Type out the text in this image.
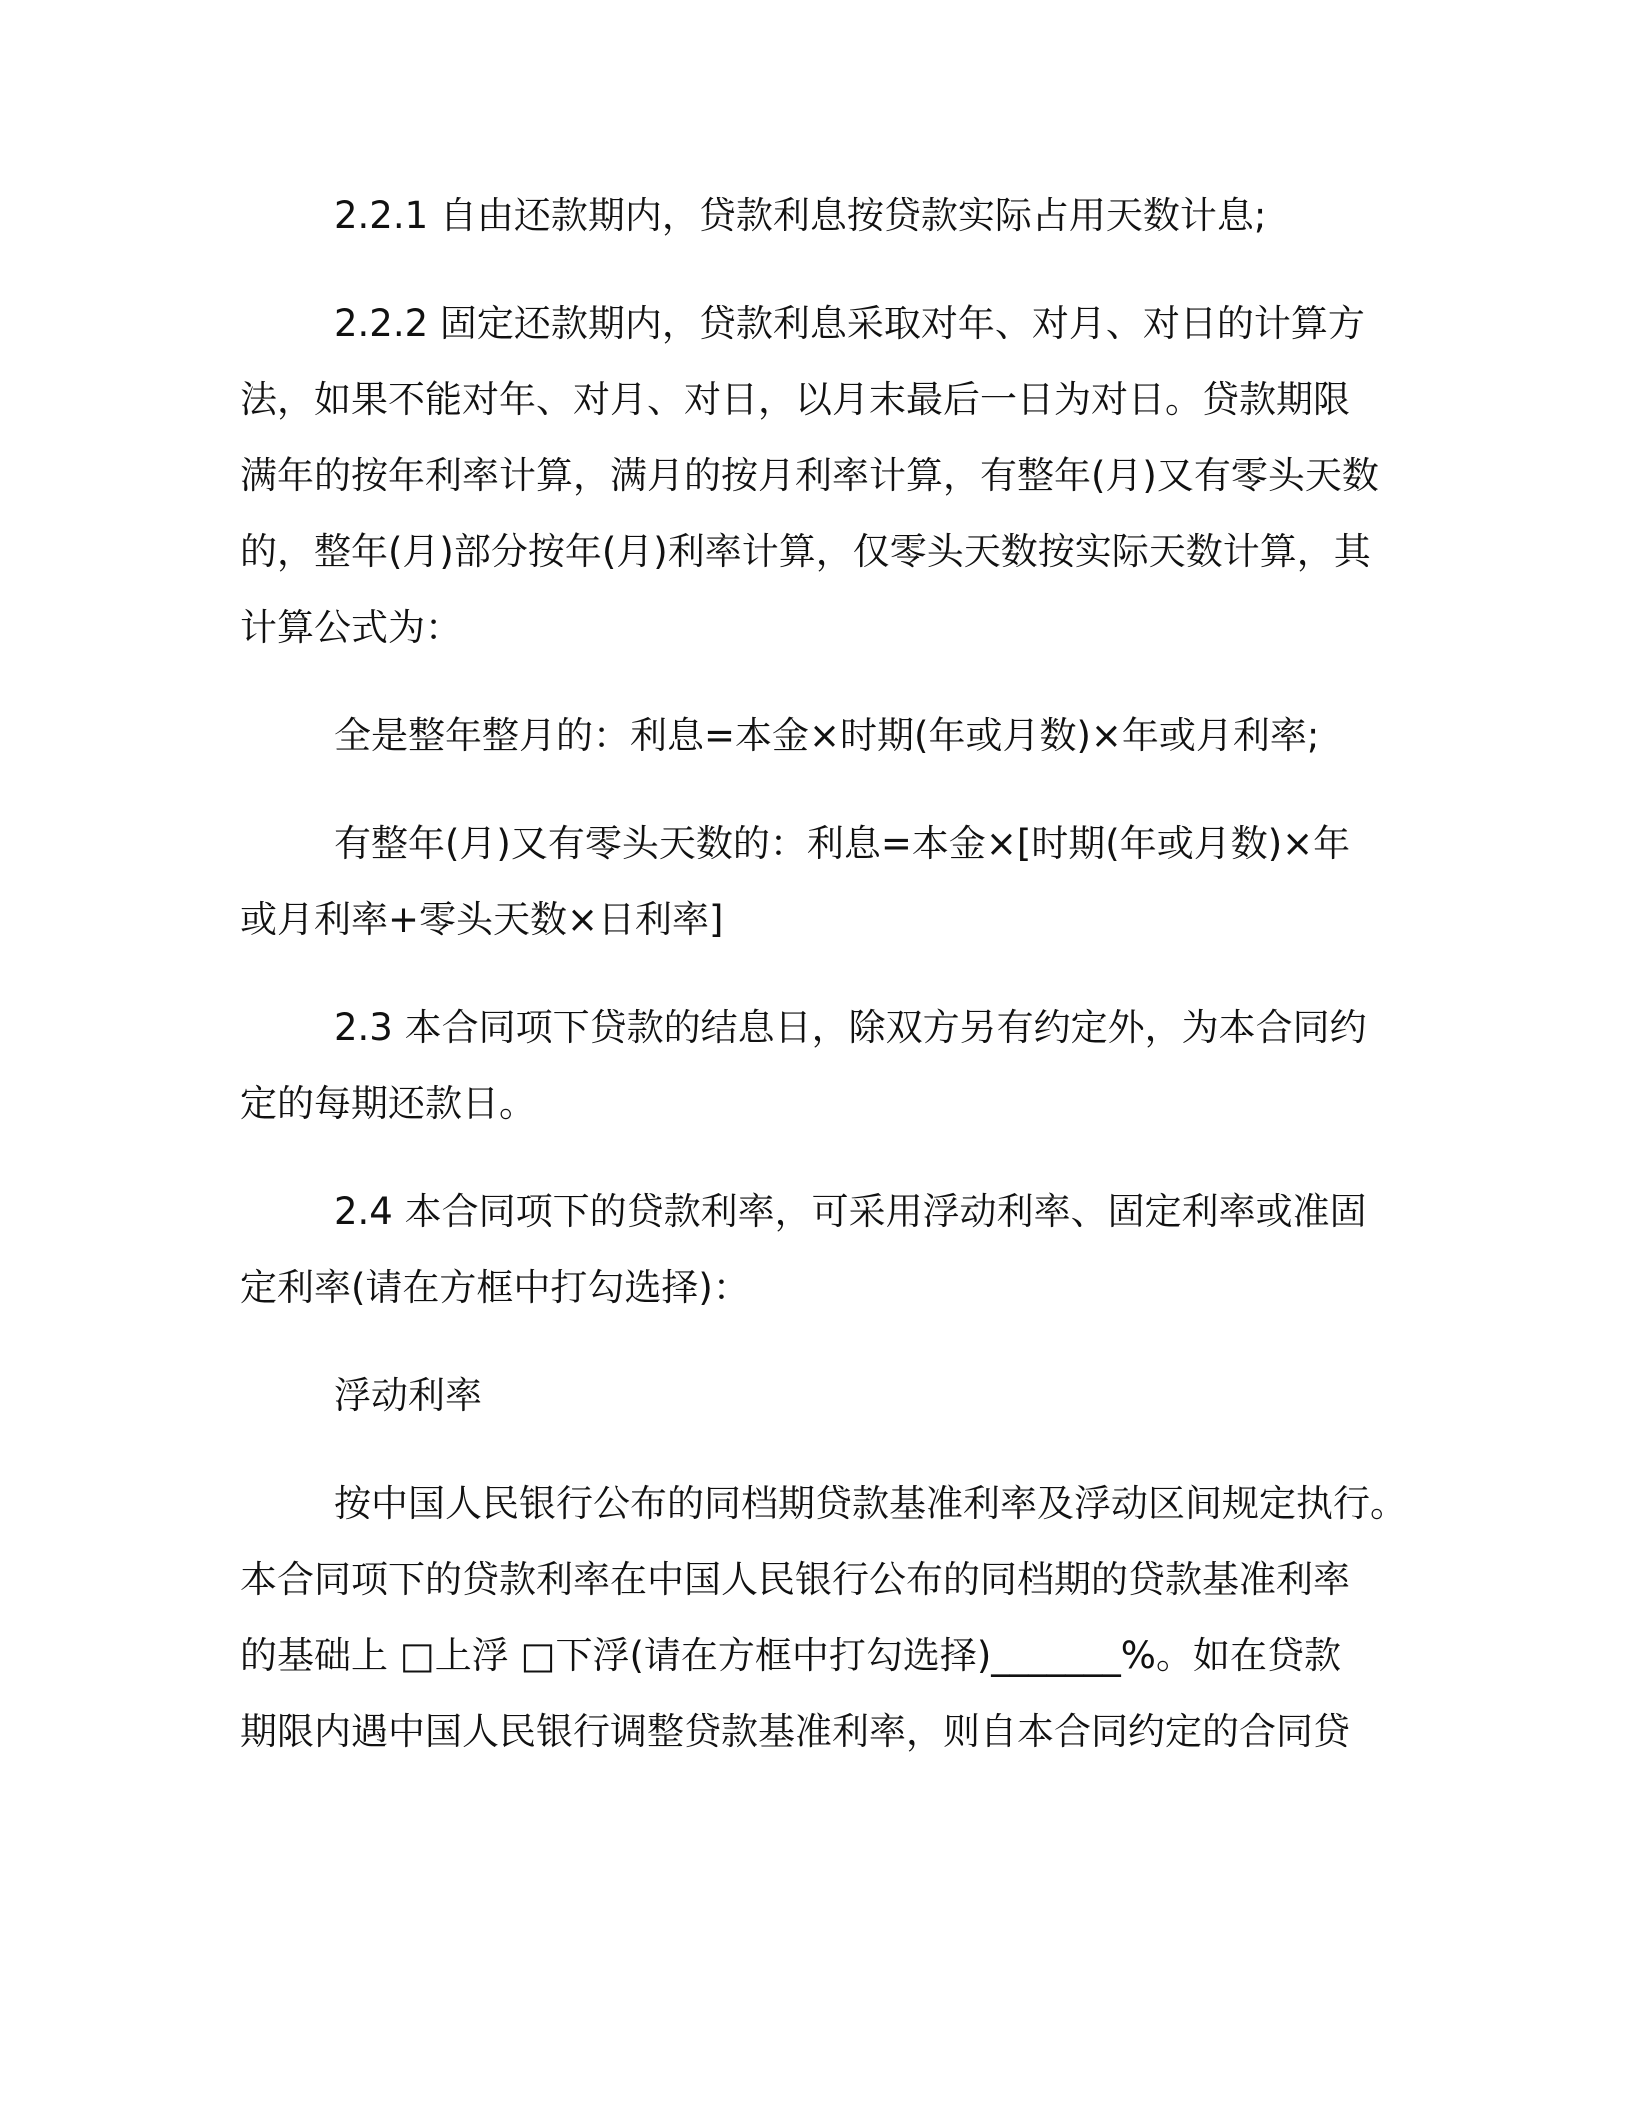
2.2.1 自由还款期内，贷款利息按贷款实际占用天数计息;
2.2.2 固定还款期内，贷款利息采取对年、对月、对日的计算方
法，如果不能对年、对月、对日，以月末最后一日为对日。贷款期限
满年的按年利率计算，满月的按月利率计算，有整年(月)又有零头天数
的，整年(月)部分按年(月)利率计算，仅零头天数按实际天数计算，其
计算公式为：
全是整年整月的：利息=本金×时期(年或月数)×年或月利率;
有整年(月)又有零头天数的：利息=本金×[时期(年或月数)×年
或月利率+零头天数×日利率]
2.3 本合同项下贷款的结息日，除双方另有约定外，为本合同约
定的每期还款日。
2.4 本合同项下的贷款利率，可采用浮动利率、固定利率或准固
定利率(请在方框中打勾选择)：
浮动利率
按中国人民银行公布的同档期贷款基准利率及浮动区间规定执行。
本合同项下的贷款利率在中国人民银行公布的同档期的贷款基准利率
的基础上 □上浮 □下浮(请在方框中打勾选择)_______%。如在贷款
期限内遇中国人民银行调整贷款基准利率，则自本合同约定的合同贷
